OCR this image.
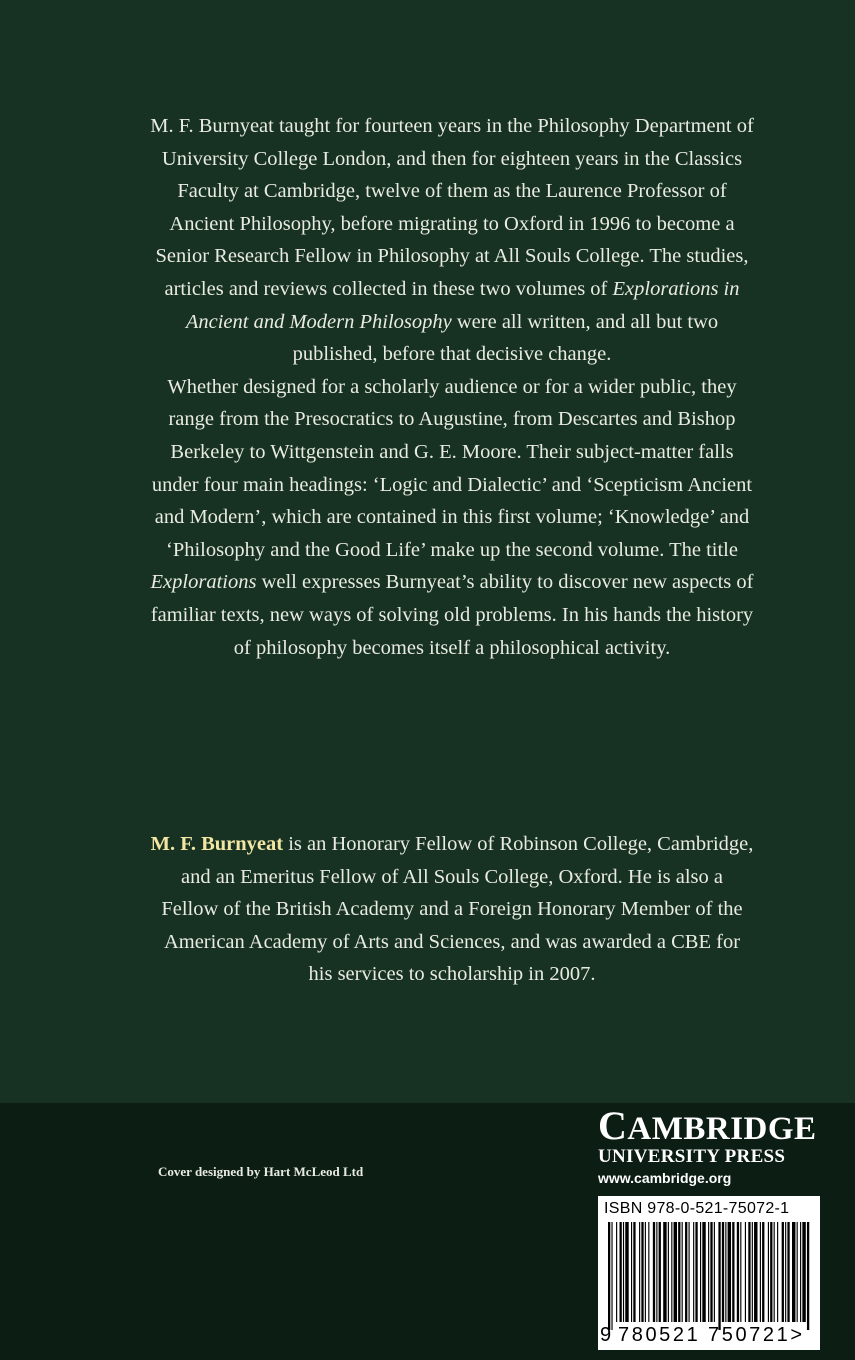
M. F. Burnyeat taught for fourteen years in the Philosophy Department of University College London, and then for eighteen years in the Classics Faculty at Cambridge, twelve of them as the Laurence Professor of Ancient Philosophy, before migrating to Oxford in 1996 to become a Senior Research Fellow in Philosophy at All Souls College. The studies, articles and reviews collected in these two volumes of Explorations in Ancient and Modern Philosophy were all written, and all but two published, before that decisive change.

Whether designed for a scholarly audience or for a wider public, they range from the Presocratics to Augustine, from Descartes and Bishop Berkeley to Wittgenstein and G. E. Moore. Their subject-matter falls under four main headings: ‘Logic and Dialectic’ and ‘Scepticism Ancient and Modern’, which are contained in this first volume; ‘Knowledge’ and ‘Philosophy and the Good Life’ make up the second volume. The title Explorations well expresses Burnyeat’s ability to discover new aspects of familiar texts, new ways of solving old problems. In his hands the history of philosophy becomes itself a philosophical activity.

M. F. Burnyeat is an Honorary Fellow of Robinson College, Cambridge, and an Emeritus Fellow of All Souls College, Oxford. He is also a Fellow of the British Academy and a Foreign Honorary Member of the American Academy of Arts and Sciences, and was awarded a CBE for his services to scholarship in 2007.

Cover designed by Hart McLeod Ltd
CAMBRIDGE
UNIVERSITY PRESS
www.cambridge.org
ISBN 978-0-521-75072-1
9 780521 750721>
